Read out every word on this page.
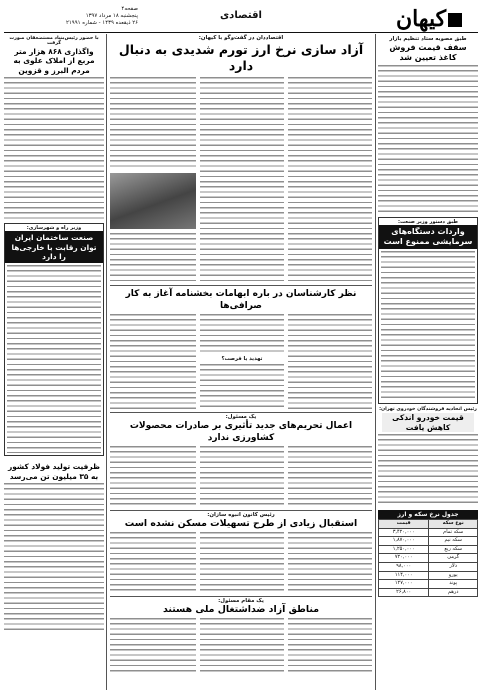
کیهان
اقتصادی
صفحه۴
پنجشنبه ۱۸ مرداد ۱۳۹۷
۲۶ ذیقعده ۱۴۳۹ - شماره ۲۱۹۹۱
طبق مصوبه ستاد تنظیم بازار
سقف قیمت فروش کاغذ تعیین شد
طبق دستور وزیر صنعت:
واردات دستگاه‌های سرمایشی ممنوع است
رئیس اتحادیه فروشندگان خودروی تهران:
قیمت خودرو اندکی کاهش یافت
جدول نرخ سکه و ارز
نوع سکه	قیمت
سکه تمام	۳,۴۲۰,۰۰۰
سکه نیم	۱,۸۷۰,۰۰۰
سکه ربع	۱,۲۵۰,۰۰۰
گرمی	۷۲۰,۰۰۰
دلار	۹۸,۰۰۰
یورو	۱۱۴,۰۰۰
پوند	۱۲۷,۰۰۰
درهم	۲۶,۸۰۰
با حضور رئیس‌بنیاد مستضعفان صورت گرفت
واگذاری ۸۶۸ هزار متر مربع از املاک علوی به مردم البرز و قزوین
وزیر راه و شهرسازی:
صنعت ساختمان ایران توان رقابت با خارجی‌ها را دارد
ظرفیت تولید فولاد کشور به ۳۵ میلیون تن می‌رسد
اقتصاددان در گفت‌وگو با کیهان:
آزاد سازی نرخ ارز تورم شدیدی به دنبال دارد
نظر کارشناسان در باره ابهامات بخشنامه آغاز به کار صرافی‌ها
تهدید یا فرصت؟
یک مسئول:
اعمال تحریم‌های جدید تأثیری بر صادرات محصولات کشاورزی ندارد
رئیس کانون انبوه سازان:
استقبال زیادی از طرح تسهیلات مسکن نشده است
یک مقام مسئول:
مناطق آزاد ضداشتغال ملی هستند
